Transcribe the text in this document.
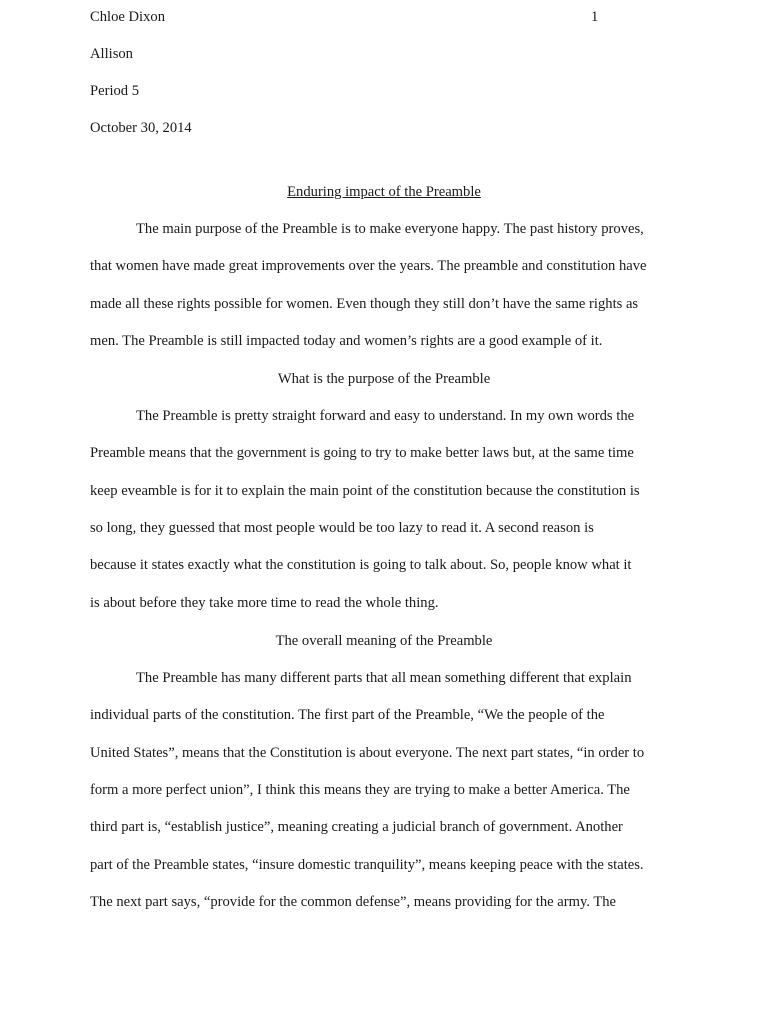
Chloe Dixon	1
Allison
Period 5
October 30, 2014
Enduring impact of the Preamble
The main purpose of the Preamble is to make everyone happy. The past history proves,
that women have made great improvements over the years. The preamble and constitution have
made all these rights possible for women. Even though they still don’t have the same rights as
men. The Preamble is still impacted today and women’s rights are a good example of it.
What is the purpose of the Preamble
The Preamble is pretty straight forward and easy to understand. In my own words the
Preamble means that the government is going to try to make better laws but, at the same time
keep eveamble is for it to explain the main point of the constitution because the constitution is
so long, they guessed that most people would be too lazy to read it. A second reason is
because it states exactly what the constitution is going to talk about. So, people know what it
is about before they take more time to read the whole thing.
The overall meaning of the Preamble
The Preamble has many different parts that all mean something different that explain
individual parts of the constitution. The first part of the Preamble, “We the people of the
United States”, means that the Constitution is about everyone. The next part states, “in order to
form a more perfect union”, I think this means they are trying to make a better America. The
third part is, “establish justice”, meaning creating a judicial branch of government. Another
part of the Preamble states, “insure domestic tranquility”, means keeping peace with the states.
The next part says, “provide for the common defense”, means providing for the army. The
